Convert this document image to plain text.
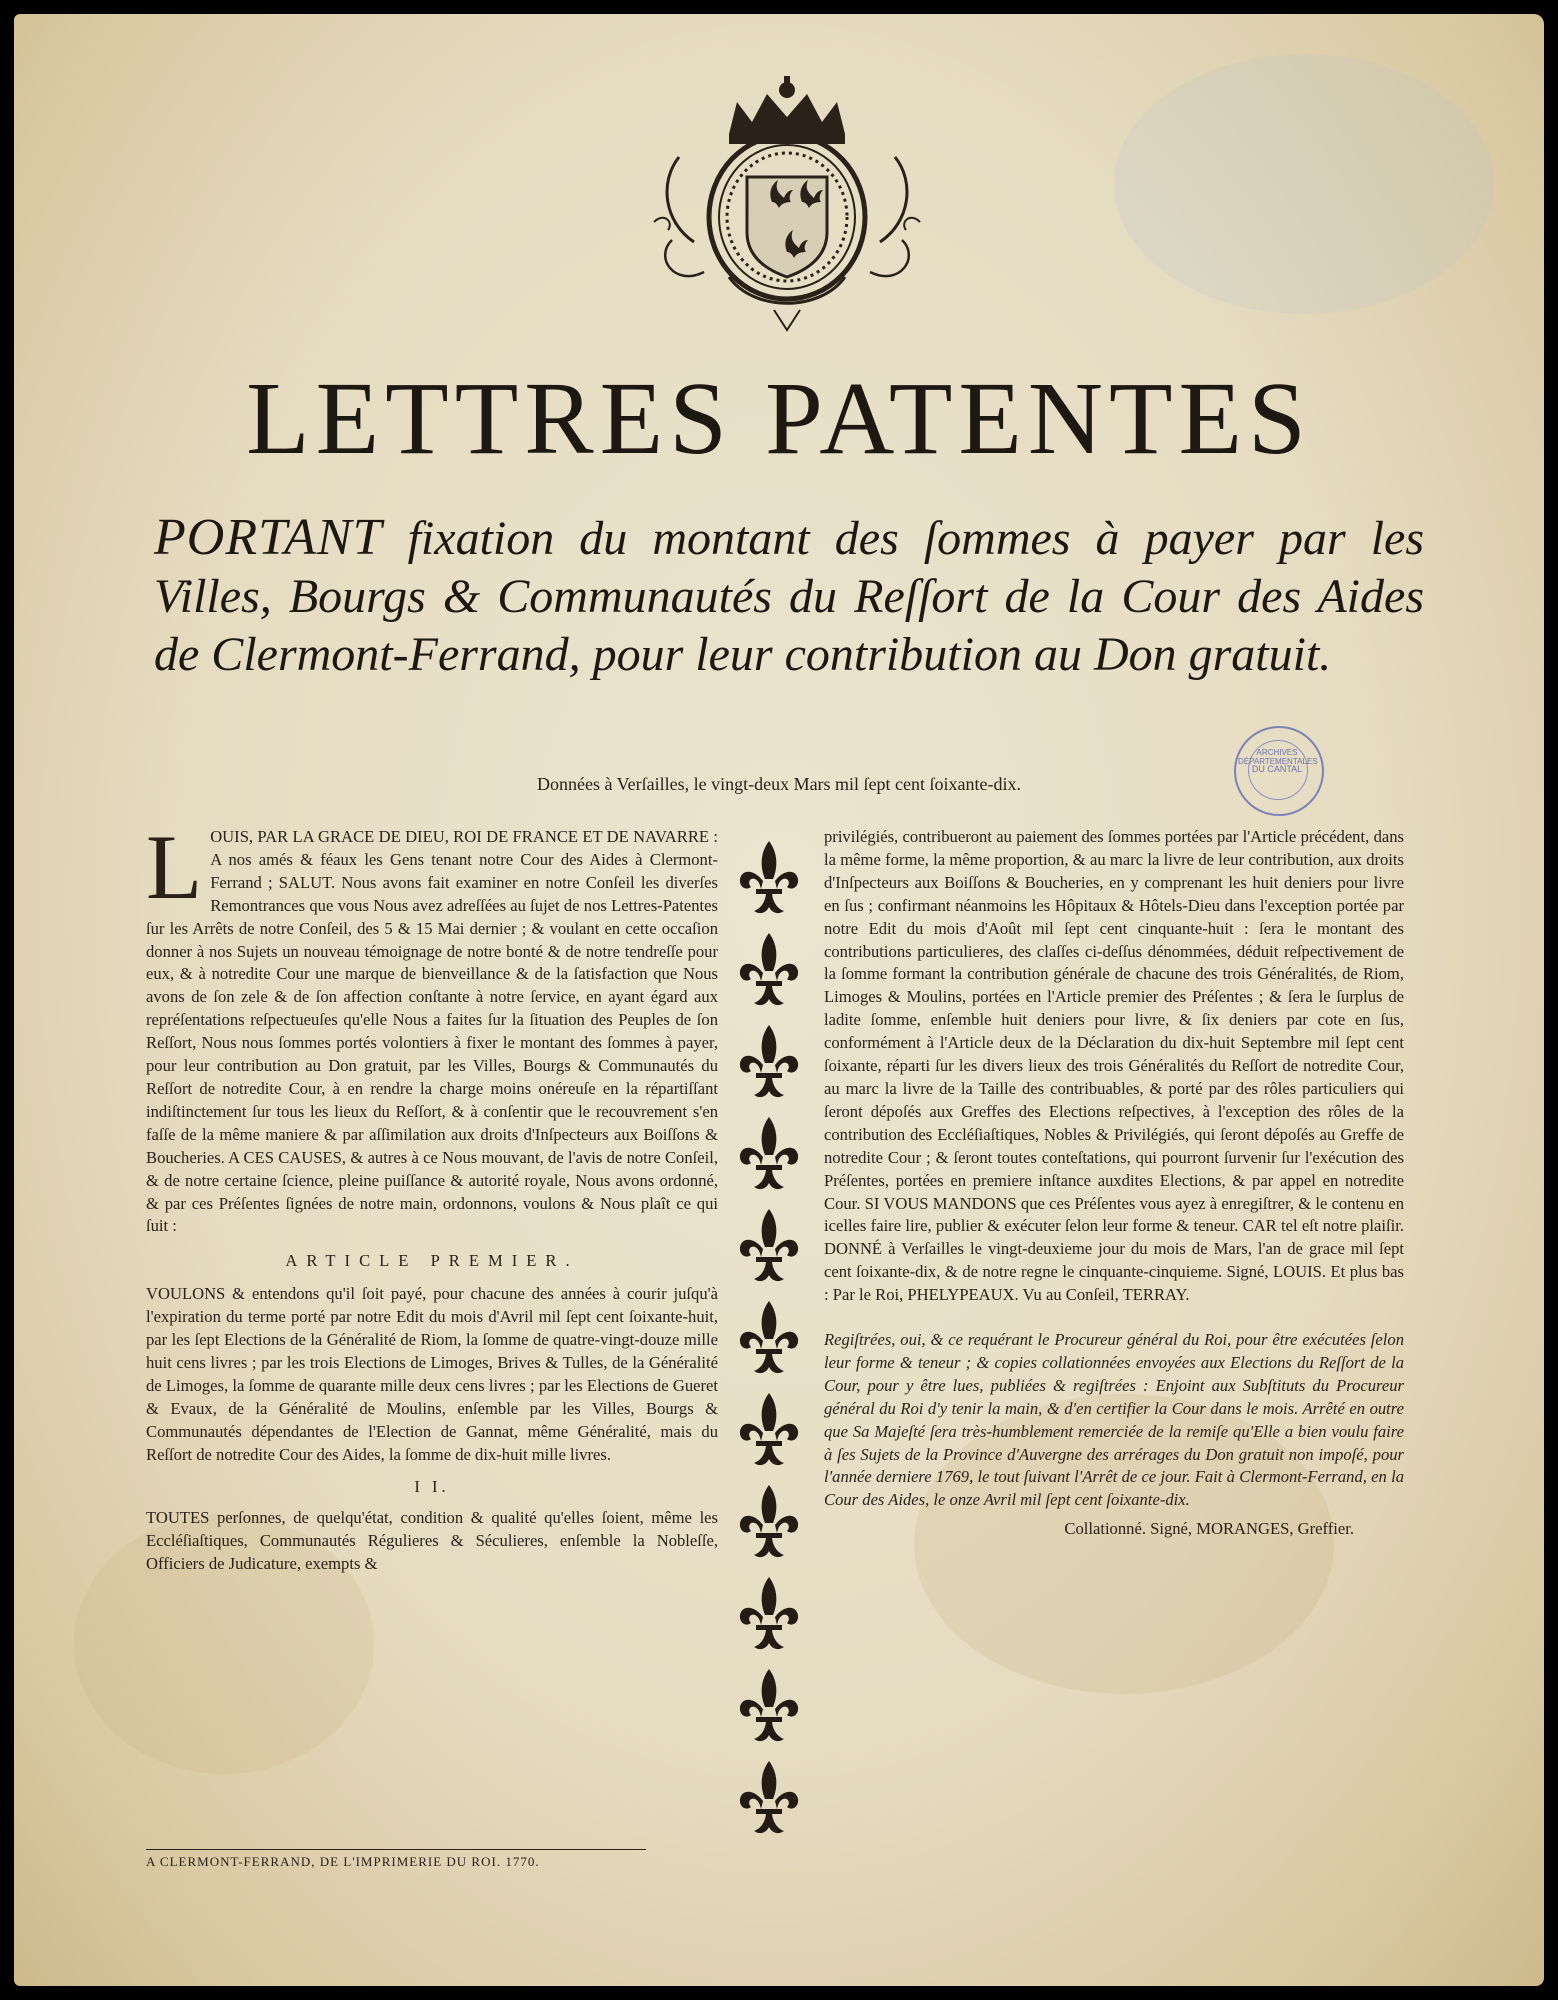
LETTRES PATENTES
PORTANT fixation du montant des ſommes à payer par les Villes, Bourgs & Communautés du Reſſort de la Cour des Aides de Clermont-Ferrand, pour leur contribution au Don gratuit.
Données à Verſailles, le vingt-deux Mars mil ſept cent ſoixante-dix.
ARCHIVES DÉPARTEMENTALES
DU CANTAL

L OUIS, PAR LA GRACE DE DIEU, ROI DE FRANCE ET DE NAVARRE : A nos amés & féaux les Gens tenant notre Cour des Aides à Clermont-Ferrand ; SALUT. Nous avons fait examiner en notre Conſeil les diverſes Remontrances que vous Nous avez adreſſées au ſujet de nos Lettres-Patentes ſur les Arrêts de notre Conſeil, des 5 & 15 Mai dernier ; & voulant en cette occaſion donner à nos Sujets un nouveau témoignage de notre bonté & de notre tendreſſe pour eux, & à notredite Cour une marque de bienveillance & de la ſatisfaction que Nous avons de ſon zele & de ſon affection conſtante à notre ſervice, en ayant égard aux repréſentations reſpectueuſes qu'elle Nous a faites ſur la ſituation des Peuples de ſon Reſſort, Nous nous ſommes portés volontiers à fixer le montant des ſommes à payer, pour leur contribution au Don gratuit, par les Villes, Bourgs & Communautés du Reſſort de notredite Cour, à en rendre la charge moins onéreuſe en la répartiſſant indiſtinctement ſur tous les lieux du Reſſort, & à conſentir que le recouvrement s'en faſſe de la même maniere & par aſſimilation aux droits d'Inſpecteurs aux Boiſſons & Boucheries. A CES CAUSES, & autres à ce Nous mouvant, de l'avis de notre Conſeil, & de notre certaine ſcience, pleine puiſſance & autorité royale, Nous avons ordonné, & par ces Préſentes ſignées de notre main, ordonnons, voulons & Nous plaît ce qui ſuit :

ARTICLE PREMIER.

VOULONS & entendons qu'il ſoit payé, pour chacune des années à courir juſqu'à l'expiration du terme porté par notre Edit du mois d'Avril mil ſept cent ſoixante-huit, par les ſept Elections de la Généralité de Riom, la ſomme de quatre-vingt-douze mille huit cens livres ; par les trois Elections de Limoges, Brives & Tulles, de la Généralité de Limoges, la ſomme de quarante mille deux cens livres ; par les Elections de Gueret & Evaux, de la Généralité de Moulins, enſemble par les Villes, Bourgs & Communautés dépendantes de l'Election de Gannat, même Généralité, mais du Reſſort de notredite Cour des Aides, la ſomme de dix-huit mille livres.

I I.

TOUTES perſonnes, de quelqu'état, condition & qualité qu'elles ſoient, même les Eccléſiaſtiques, Communautés Régulieres & Séculieres, enſemble la Nobleſſe, Officiers de Judicature, exempts &

privilégiés, contribueront au paiement des ſommes portées par l'Article précédent, dans la même forme, la même proportion, & au marc la livre de leur contribution, aux droits d'Inſpecteurs aux Boiſſons & Boucheries, en y comprenant les huit deniers pour livre en ſus ; confirmant néanmoins les Hôpitaux & Hôtels-Dieu dans l'exception portée par notre Edit du mois d'Août mil ſept cent cinquante-huit : ſera le montant des contributions particulieres, des claſſes ci-deſſus dénommées, déduit reſpectivement de la ſomme formant la contribution générale de chacune des trois Généralités, de Riom, Limoges & Moulins, portées en l'Article premier des Préſentes ; & ſera le ſurplus de ladite ſomme, enſemble huit deniers pour livre, & ſix deniers par cote en ſus, conformément à l'Article deux de la Déclaration du dix-huit Septembre mil ſept cent ſoixante, réparti ſur les divers lieux des trois Généralités du Reſſort de notredite Cour, au marc la livre de la Taille des contribuables, & porté par des rôles particuliers qui ſeront dépoſés aux Greffes des Elections reſpectives, à l'exception des rôles de la contribution des Eccléſiaſtiques, Nobles & Privilégiés, qui ſeront dépoſés au Greffe de notredite Cour ; & ſeront toutes conteſtations, qui pourront ſurvenir ſur l'exécution des Préſentes, portées en premiere inſtance auxdites Elections, & par appel en notredite Cour. SI VOUS MANDONS que ces Préſentes vous ayez à enregiſtrer, & le contenu en icelles faire lire, publier & exécuter ſelon leur forme & teneur. CAR tel eſt notre plaiſir. DONNÉ à Verſailles le vingt-deuxieme jour du mois de Mars, l'an de grace mil ſept cent ſoixante-dix, & de notre regne le cinquante-cinquieme. Signé, LOUIS. Et plus bas : Par le Roi, PHELYPEAUX. Vu au Conſeil, TERRAY.

Regiſtrées, oui, & ce requérant le Procureur général du Roi, pour être exécutées ſelon leur forme & teneur ; & copies collationnées envoyées aux Elections du Reſſort de la Cour, pour y être lues, publiées & regiſtrées : Enjoint aux Subſtituts du Procureur général du Roi d'y tenir la main, & d'en certifier la Cour dans le mois. Arrêté en outre que Sa Majeſté ſera très-humblement remerciée de la remiſe qu'Elle a bien voulu faire à ſes Sujets de la Province d'Auvergne des arrérages du Don gratuit non impoſé, pour l'année derniere 1769, le tout ſuivant l'Arrêt de ce jour. Fait à Clermont-Ferrand, en la Cour des Aides, le onze Avril mil ſept cent ſoixante-dix.

Collationné. Signé, MORANGES, Greffier.

A CLERMONT-FERRAND, DE L'IMPRIMERIE DU ROI. 1770.
